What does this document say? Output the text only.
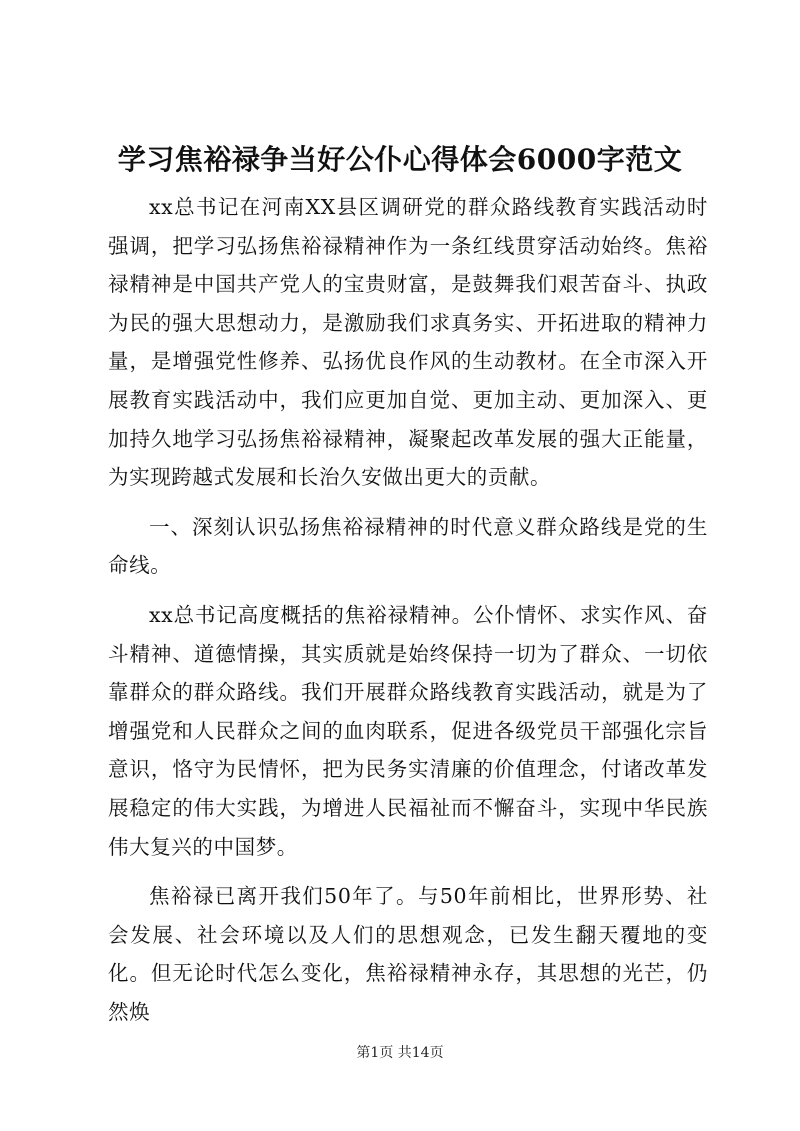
学习焦裕禄争当好公仆心得体会6000字范文

xx总书记在河南XX县区调研党的群众路线教育实践活动时强调，把学习弘扬焦裕禄精神作为一条红线贯穿活动始终。焦裕禄精神是中国共产党人的宝贵财富，是鼓舞我们艰苦奋斗、执政为民的强大思想动力，是激励我们求真务实、开拓进取的精神力量，是增强党性修养、弘扬优良作风的生动教材。在全市深入开展教育实践活动中，我们应更加自觉、更加主动、更加深入、更加持久地学习弘扬焦裕禄精神，凝聚起改革发展的强大正能量，为实现跨越式发展和长治久安做出更大的贡献。

一、深刻认识弘扬焦裕禄精神的时代意义群众路线是党的生命线。

xx总书记高度概括的焦裕禄精神。公仆情怀、求实作风、奋斗精神、道德情操，其实质就是始终保持一切为了群众、一切依靠群众的群众路线。我们开展群众路线教育实践活动，就是为了增强党和人民群众之间的血肉联系，促进各级党员干部强化宗旨意识，恪守为民情怀，把为民务实清廉的价值理念，付诸改革发展稳定的伟大实践，为增进人民福祉而不懈奋斗，实现中华民族伟大复兴的中国梦。

焦裕禄已离开我们50年了。与50年前相比，世界形势、社会发展、社会环境以及人们的思想观念，已发生翻天覆地的变化。但无论时代怎么变化，焦裕禄精神永存，其思想的光芒，仍然焕

第1页 共14页
